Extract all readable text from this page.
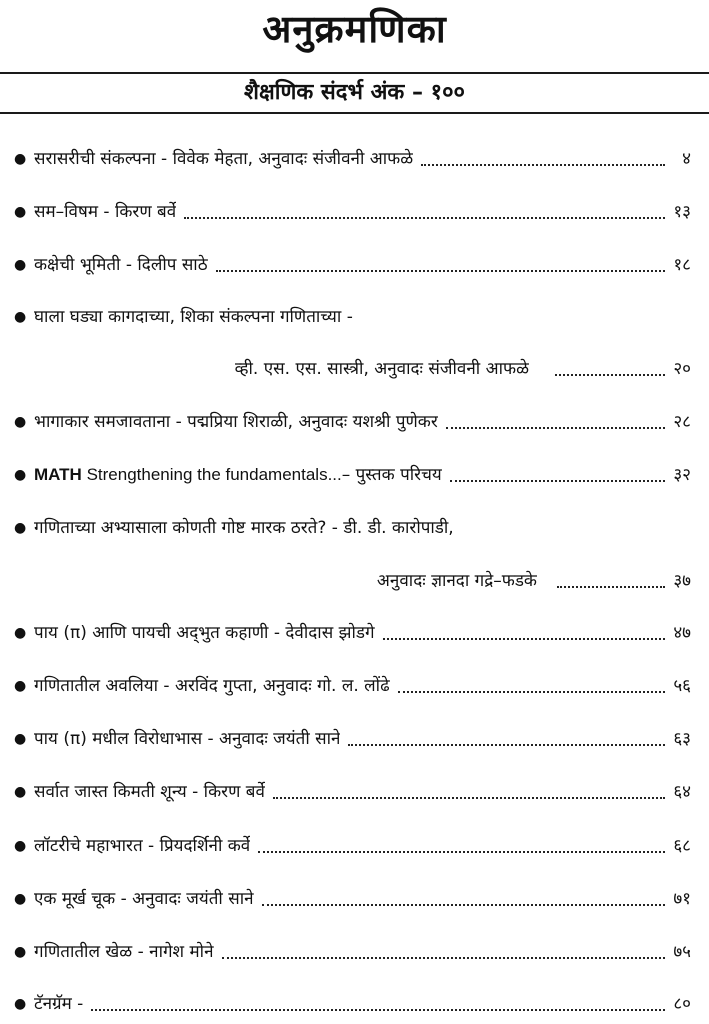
अनुक्रमणिका
शैक्षणिक संदर्भ अंक – १००
● सरासरीची संकल्पना - विवेक मेहता, अनुवादः संजीवनी आफळे	४
● सम–विषम - किरण बर्वे	१३
● कक्षेची भूमिती - दिलीप साठे	१८
● घाला घड्या कागदाच्या, शिका संकल्पना गणिताच्या -
व्ही. एस. एस. सास्त्री, अनुवादः संजीवनी आफळे	२०
● भागाकार समजावताना - पद्मप्रिया शिराळी, अनुवादः यशश्री पुणेकर	२८
● MATH Strengthening the fundamentals...– पुस्तक परिचय	३२
● गणिताच्या अभ्यासाला कोणती गोष्ट मारक ठरते? - डी. डी. कारोपाडी,
अनुवादः ज्ञानदा गद्रे–फडके	३७
● पाय (π) आणि पायची अद्‌भुत कहाणी - देवीदास झोडगे	४७
● गणितातील अवलिया - अरविंद गुप्ता, अनुवादः गो. ल. लोंढे	५६
● पाय (π) मधील विरोधाभास - अनुवादः जयंती साने	६३
● सर्वात जास्त किमती शून्य - किरण बर्वे	६४
● लॉटरीचे महाभारत - प्रियदर्शिनी कर्वे	६८
● एक मूर्ख चूक - अनुवादः जयंती साने	७१
● गणितातील खेळ - नागेश मोने	७५
● टॅनग्रॅम -	८०
